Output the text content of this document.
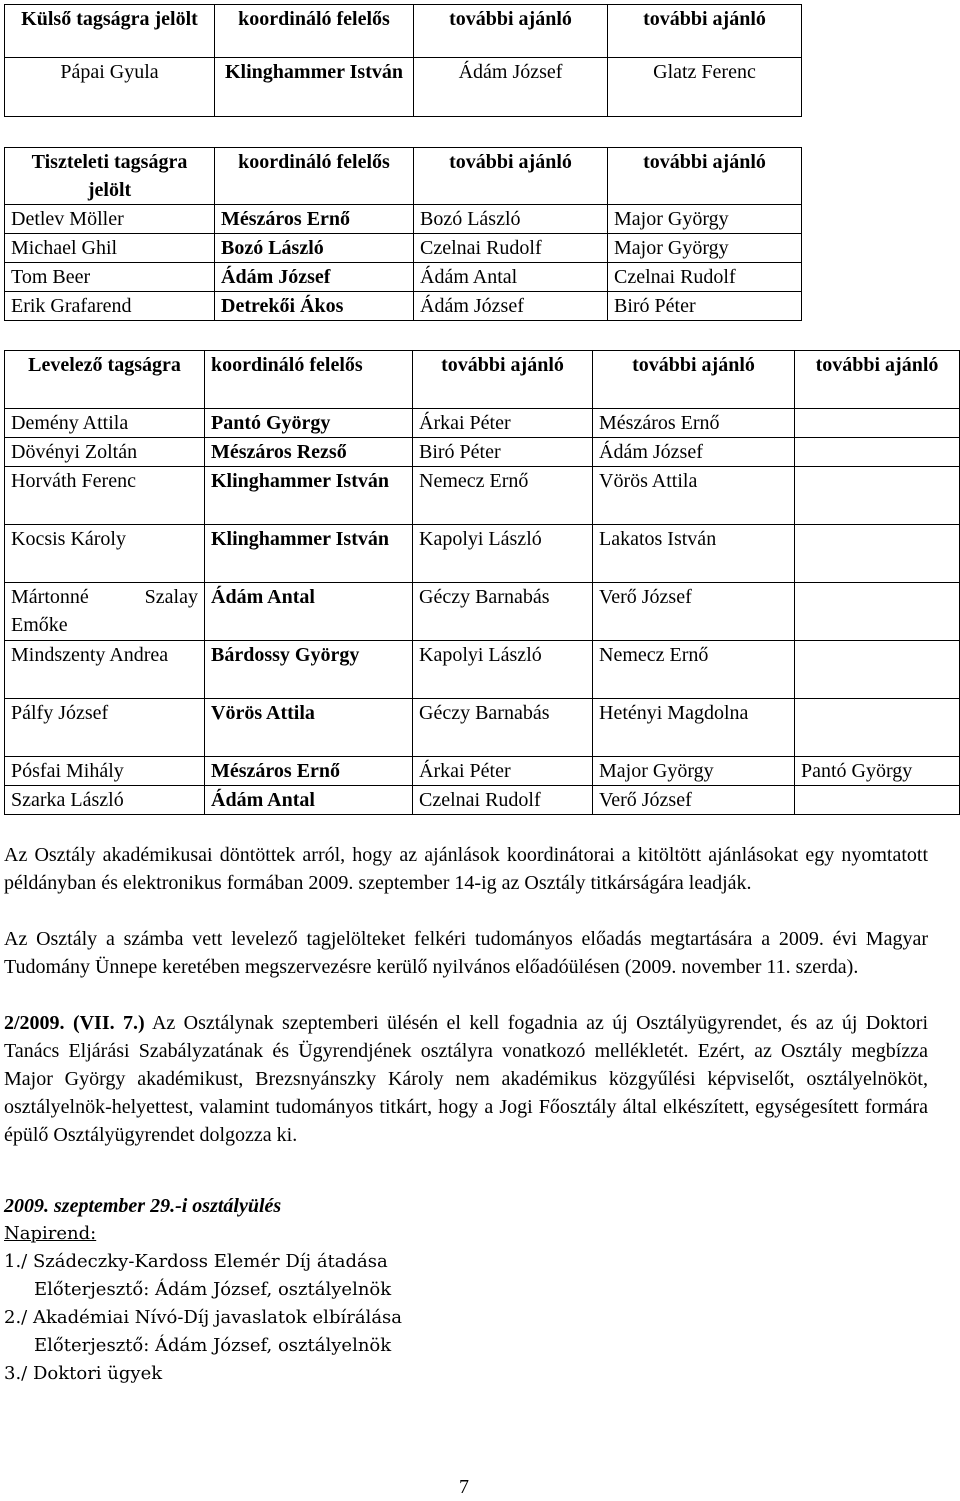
Külső tagságra jelölt	koordináló felelős	további ajánló	további ajánló
Pápai Gyula	Klinghammer István	Ádám József	Glatz Ferenc
Tiszteleti tagságra jelölt	koordináló felelős	további ajánló	további ajánló
Detlev Möller	Mészáros Ernő	Bozó László	Major György
Michael Ghil	Bozó László	Czelnai Rudolf	Major György
Tom Beer	Ádám József	Ádám Antal	Czelnai Rudolf
Erik Grafarend	Detrekői Ákos	Ádám József	Biró Péter
Levelező tagságra	koordináló felelős	további ajánló	további ajánló	további ajánló
Demény Attila	Pantó György	Árkai Péter	Mészáros Ernő	
Dövényi Zoltán	Mészáros Rezső	Biró Péter	Ádám József	
Horváth Ferenc	Klinghammer István	Nemecz Ernő	Vörös Attila	
Kocsis Károly	Klinghammer István	Kapolyi László	Lakatos István	
Mártonné Szalay Emőke	Ádám Antal	Géczy Barnabás	Verő József	
Mindszenty Andrea	Bárdossy György	Kapolyi László	Nemecz Ernő	
Pálfy József	Vörös Attila	Géczy Barnabás	Hetényi Magdolna	
Pósfai Mihály	Mészáros Ernő	Árkai Péter	Major György	Pantó György
Szarka László	Ádám Antal	Czelnai Rudolf	Verő József	
Az Osztály akadémikusai döntöttek arról, hogy az ajánlások koordinátorai a kitöltött ajánlásokat egy nyomtatott példányban és elektronikus formában 2009. szeptember 14-ig az Osztály titkárságára leadják.
Az Osztály a számba vett levelező tagjelölteket felkéri tudományos előadás megtartására a 2009. évi Magyar Tudomány Ünnepe keretében megszervezésre kerülő nyilvános előadóülésen (2009. november 11. szerda).
2/2009. (VII. 7.) Az Osztálynak szeptemberi ülésén el kell fogadnia az új Osztályügyrendet, és az új Doktori Tanács Eljárási Szabályzatának és Ügyrendjének osztályra vonatkozó mellékletét. Ezért, az Osztály megbízza Major György akadémikust, Brezsnyánszky Károly nem akadémikus közgyűlési képviselőt, osztályelnököt, osztályelnök-helyettest, valamint tudományos titkárt, hogy a Jogi Főosztály által elkészített, egységesített formára épülő Osztályügyrendet dolgozza ki.
2009. szeptember 29.-i osztályülés
Napirend:
1./ Szádeczky-Kardoss Elemér Díj átadása
Előterjesztő: Ádám József, osztályelnök
2./ Akadémiai Nívó-Díj javaslatok elbírálása
Előterjesztő: Ádám József, osztályelnök
3./ Doktori ügyek
7
